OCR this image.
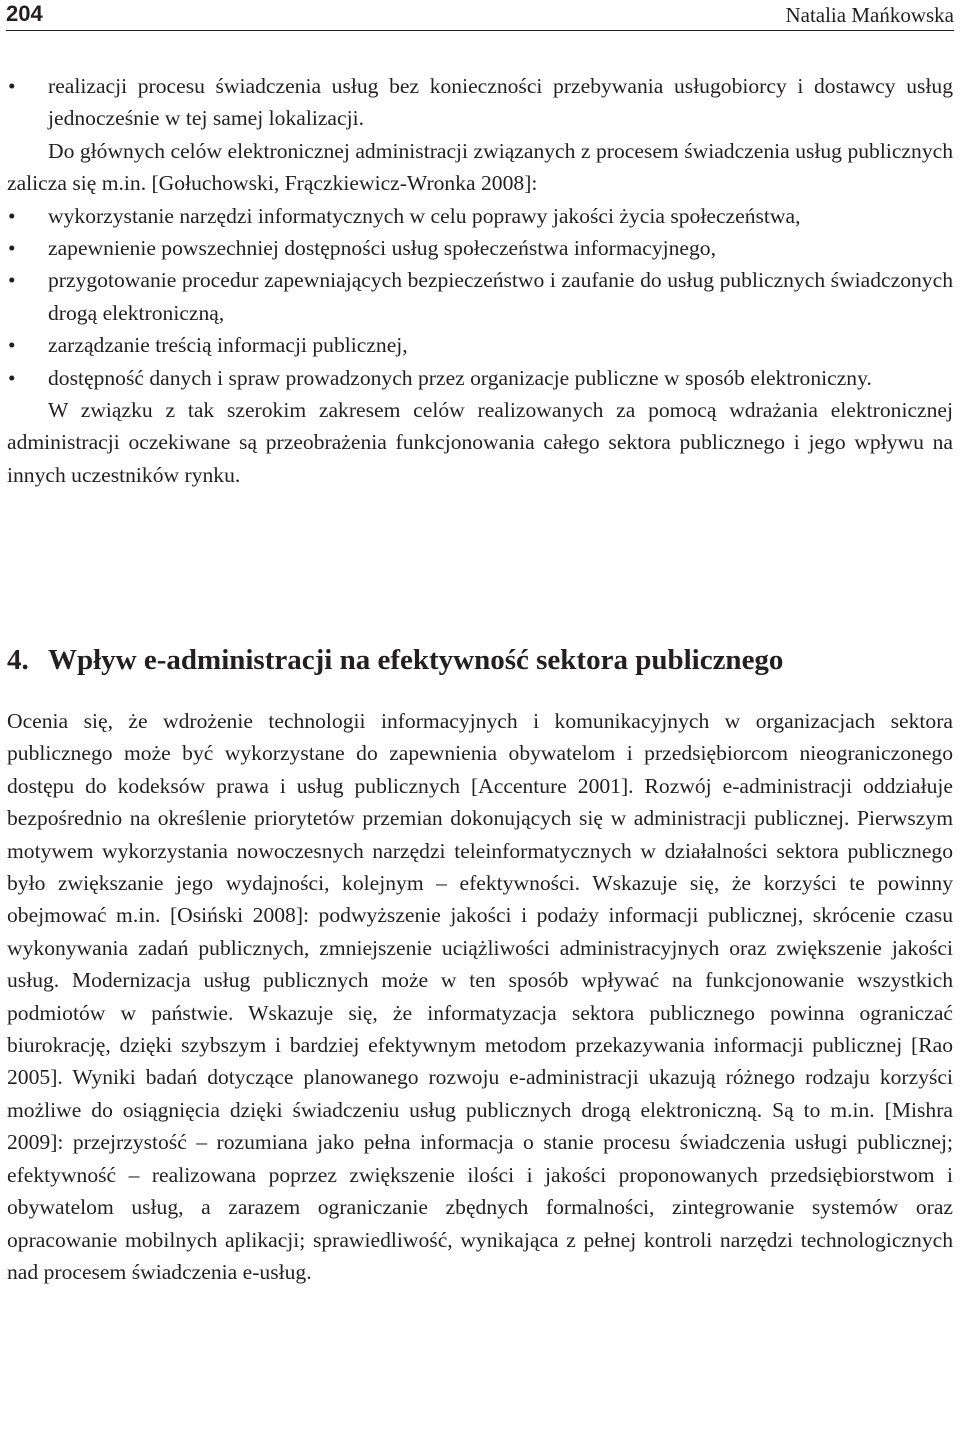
204	Natalia Mańkowska
• realizacji procesu świadczenia usług bez konieczności przebywania usługobiorcy i dostawcy usług jednocześnie w tej samej lokalizacji.

Do głównych celów elektronicznej administracji związanych z procesem świadczenia usług publicznych zalicza się m.in. [Gołuchowski, Frączkiewicz-Wronka 2008]:

• wykorzystanie narzędzi informatycznych w celu poprawy jakości życia społeczeństwa,
• zapewnienie powszechniej dostępności usług społeczeństwa informacyjnego,
• przygotowanie procedur zapewniających bezpieczeństwo i zaufanie do usług publicznych świadczonych drogą elektroniczną,
• zarządzanie treścią informacji publicznej,
• dostępność danych i spraw prowadzonych przez organizacje publiczne w sposób elektroniczny.

W związku z tak szerokim zakresem celów realizowanych za pomocą wdrażania elektronicznej administracji oczekiwane są przeobrażenia funkcjonowania całego sektora publicznego i jego wpływu na innych uczestników rynku.

4. Wpływ e-administracji na efektywność sektora publicznego

Ocenia się, że wdrożenie technologii informacyjnych i komunikacyjnych w organizacjach sektora publicznego może być wykorzystane do zapewnienia obywatelom i przedsiębiorcom nieograniczonego dostępu do kodeksów prawa i usług publicznych [Accenture 2001]. Rozwój e-administracji oddziałuje bezpośrednio na określenie priorytetów przemian dokonujących się w administracji publicznej. Pierwszym motywem wykorzystania nowoczesnych narzędzi teleinformatycznych w działalności sektora publicznego było zwiększanie jego wydajności, kolejnym – efektywności. Wskazuje się, że korzyści te powinny obejmować m.in. [Osiński 2008]: podwyższenie jakości i podaży informacji publicznej, skrócenie czasu wykonywania zadań publicznych, zmniejszenie uciążliwości administracyjnych oraz zwiększenie jakości usług. Modernizacja usług publicznych może w ten sposób wpływać na funkcjonowanie wszystkich podmiotów w państwie. Wskazuje się, że informatyzacja sektora publicznego powinna ograniczać biurokrację, dzięki szybszym i bardziej efektywnym metodom przekazywania informacji publicznej [Rao 2005]. Wyniki badań dotyczące planowanego rozwoju e-administracji ukazują różnego rodzaju korzyści możliwe do osiągnięcia dzięki świadczeniu usług publicznych drogą elektroniczną. Są to m.in. [Mishra 2009]: przejrzystość – rozumiana jako pełna informacja o stanie procesu świadczenia usługi publicznej; efektywność – realizowana poprzez zwiększenie ilości i jakości proponowanych przedsiębiorstwom i obywatelom usług, a zarazem ograniczanie zbędnych formalności, zintegrowanie systemów oraz opracowanie mobilnych aplikacji; sprawiedliwość, wynikająca z pełnej kontroli narzędzi technologicznych nad procesem świadczenia e-usług.
